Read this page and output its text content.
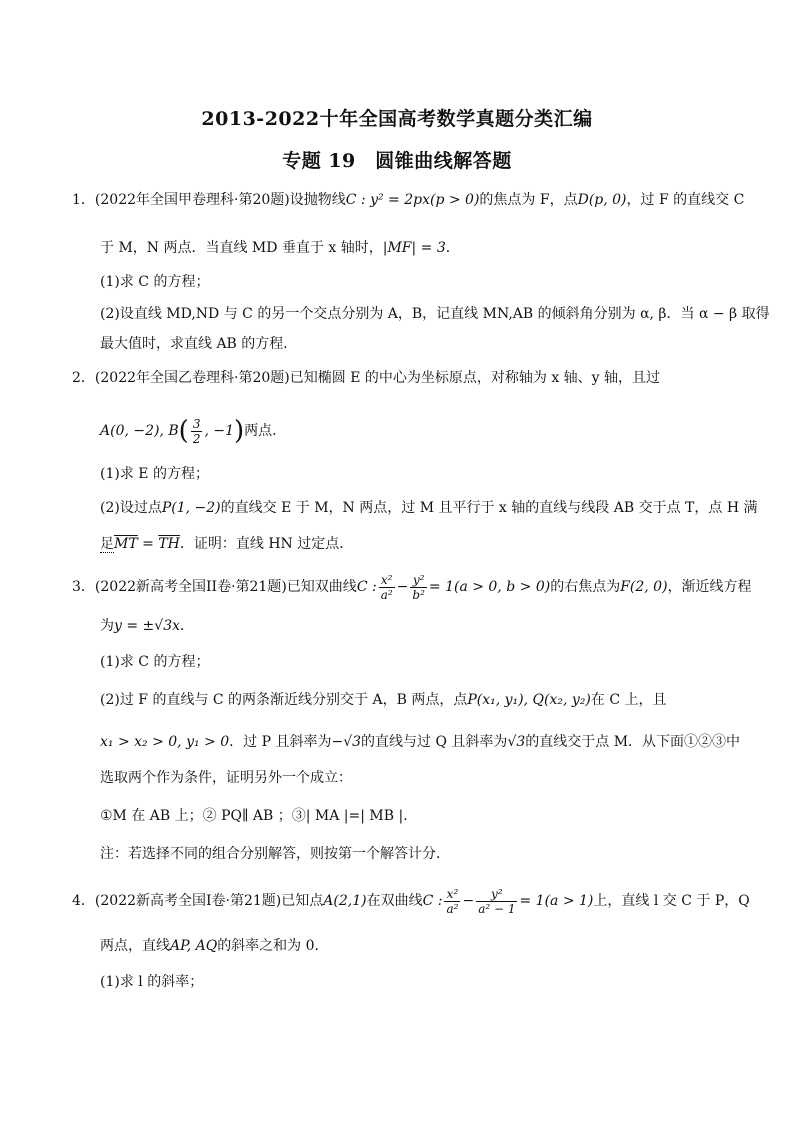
2013-2022十年全国高考数学真题分类汇编
专题 19　圆锥曲线解答题
1．(2022年全国甲卷理科·第20题)设抛物线C : y² = 2px(p > 0)的焦点为 F，点D(p, 0)，过 F 的直线交 C
于 M，N 两点．当直线 MD 垂直于 x 轴时，|MF| = 3．
(1)求 C 的方程；
(2)设直线 MD,ND 与 C 的另一个交点分别为 A，B，记直线 MN,AB 的倾斜角分别为 α, β．当 α − β 取得
最大值时，求直线 AB 的方程．
2．(2022年全国乙卷理科·第20题)已知椭圆 E 的中心为坐标原点，对称轴为 x 轴、y 轴，且过
A(0, −2), $B( \frac{3}{2}$ , −1)两点．
(1)求 E 的方程；
(2)设过点P(1, −2)的直线交 E 于 M，N 两点，过 M 且平行于 x 轴的直线与线段 AB 交于点 T，点 H 满
足$\overline{MT} = \overline{TH}$．证明：直线 HN 过定点．
3．(2022新高考全国II卷·第21题)已知双曲线C : $\frac{\text{x²}}{\text{a²}} - \frac{\text{y²}}{\text{b²}} = 1(a > 0$, b > 0)的右焦点为F(2, 0)，渐近线方程
为y = ±√3x．
(1)求 C 的方程；
(2)过 F 的直线与 C 的两条渐近线分别交于 A，B 两点，点P(x₁, y₁), Q(x₂, y₂)在 C 上，且
x₁ > x₂ > 0, y₁ > 0．过 P 且斜率为−√3的直线与过 Q 且斜率为√3的直线交于点 M．从下面①②③中
选取两个作为条件，证明另外一个成立：
①M 在 AB 上；② PQ∥ AB ；③| MA |=| MB |．
注：若选择不同的组合分别解答，则按第一个解答计分．
4．(2022新高考全国I卷·第21题)已知点A(2,1)在双曲线C : $\frac{\text{x²}}{\text{a²}} - \frac{\text{y²}}{\text{a² − 1}} = 1(a > 1)$上，直线 l 交 C 于 P，Q
两点，直线AP, AQ的斜率之和为 0．
(1)求 l 的斜率；
